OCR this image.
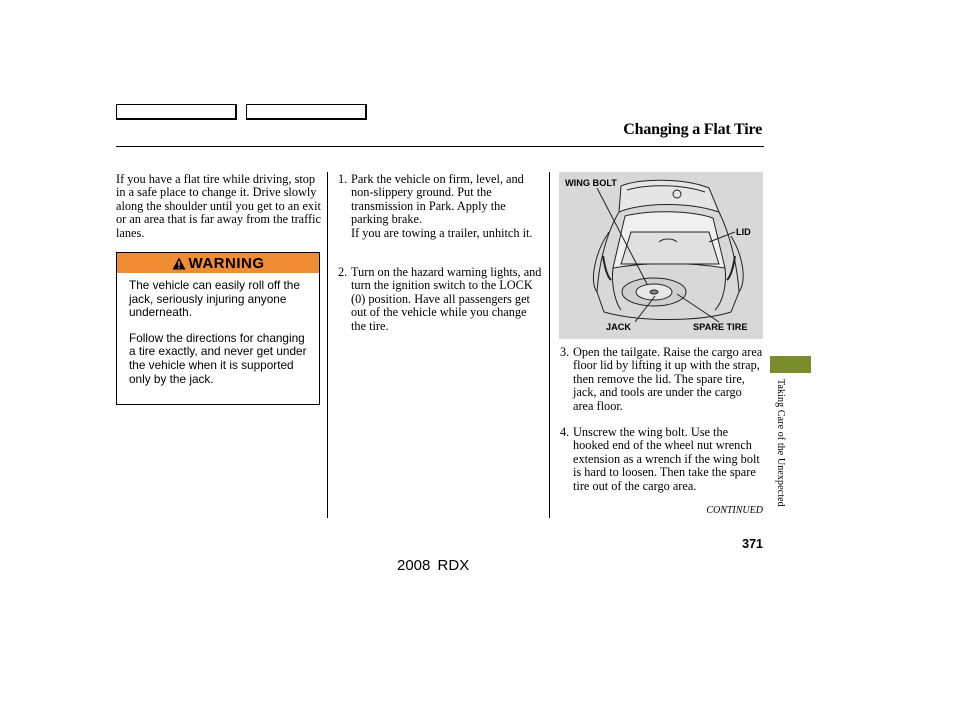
Changing a Flat Tire
If you have a flat tire while driving, stop in a safe place to change it. Drive slowly along the shoulder until you get to an exit or an area that is far away from the traffic lanes.
WARNING
The vehicle can easily roll off the jack, seriously injuring anyone underneath.
Follow the directions for changing a tire exactly, and never get under the vehicle when it is supported only by the jack.
1. Park the vehicle on firm, level, and non-slippery ground. Put the transmission in Park. Apply the parking brake.
If you are towing a trailer, unhitch it.
2. Turn on the hazard warning lights, and turn the ignition switch to the LOCK (0) position. Have all passengers get out of the vehicle while you change the tire.
WING BOLT
LID
JACK	SPARE TIRE
3. Open the tailgate. Raise the cargo area floor lid by lifting it up with the strap, then remove the lid. The spare tire, jack, and tools are under the cargo area floor.
4. Unscrew the wing bolt. Use the hooked end of the wheel nut wrench extension as a wrench if the wing bolt is hard to loosen. Then take the spare tire out of the cargo area.
CONTINUED
371
2008 RDX
Taking Care of the Unexpected
